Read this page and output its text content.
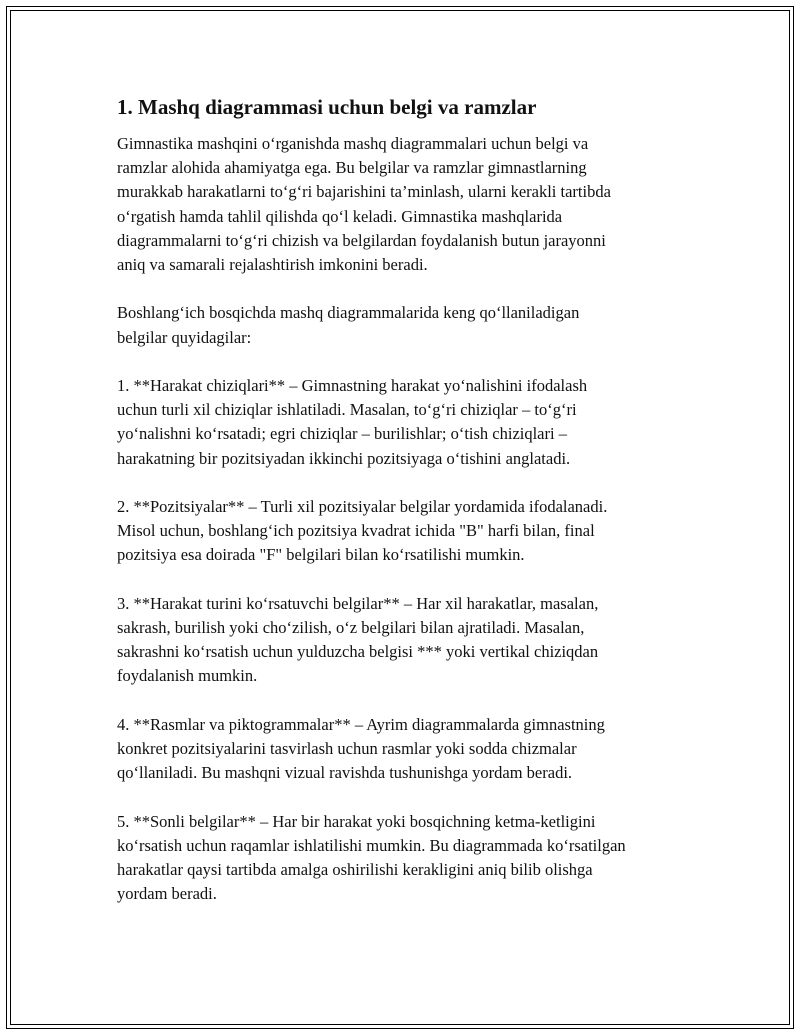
1. Mashq diagrammasi uchun belgi va ramzlar

Gimnastika mashqini o‘rganishda mashq diagrammalari uchun belgi va
ramzlar alohida ahamiyatga ega. Bu belgilar va ramzlar gimnastlarning
murakkab harakatlarni to‘g‘ri bajarishini ta’minlash, ularni kerakli tartibda
o‘rgatish hamda tahlil qilishda qo‘l keladi. Gimnastika mashqlarida
diagrammalarni to‘g‘ri chizish va belgilardan foydalanish butun jarayonni
aniq va samarali rejalashtirish imkonini beradi.

Boshlang‘ich bosqichda mashq diagrammalarida keng qo‘llaniladigan
belgilar quyidagilar:

1. **Harakat chiziqlari** – Gimnastning harakat yo‘nalishini ifodalash
uchun turli xil chiziqlar ishlatiladi. Masalan, to‘g‘ri chiziqlar – to‘g‘ri
yo‘nalishni ko‘rsatadi; egri chiziqlar – burilishlar; o‘tish chiziqlari –
harakatning bir pozitsiyadan ikkinchi pozitsiyaga o‘tishini anglatadi.

2. **Pozitsiyalar** – Turli xil pozitsiyalar belgilar yordamida ifodalanadi.
Misol uchun, boshlang‘ich pozitsiya kvadrat ichida "B" harfi bilan, final
pozitsiya esa doirada "F" belgilari bilan ko‘rsatilishi mumkin.

3. **Harakat turini ko‘rsatuvchi belgilar** – Har xil harakatlar, masalan,
sakrash, burilish yoki cho‘zilish, o‘z belgilari bilan ajratiladi. Masalan,
sakrashni ko‘rsatish uchun yulduzcha belgisi *** yoki vertikal chiziqdan
foydalanish mumkin.

4. **Rasmlar va piktogrammalar** – Ayrim diagrammalarda gimnastning
konkret pozitsiyalarini tasvirlash uchun rasmlar yoki sodda chizmalar
qo‘llaniladi. Bu mashqni vizual ravishda tushunishga yordam beradi.

5. **Sonli belgilar** – Har bir harakat yoki bosqichning ketma-ketligini
ko‘rsatish uchun raqamlar ishlatilishi mumkin. Bu diagrammada ko‘rsatilgan
harakatlar qaysi tartibda amalga oshirilishi kerakligini aniq bilib olishga
yordam beradi.
